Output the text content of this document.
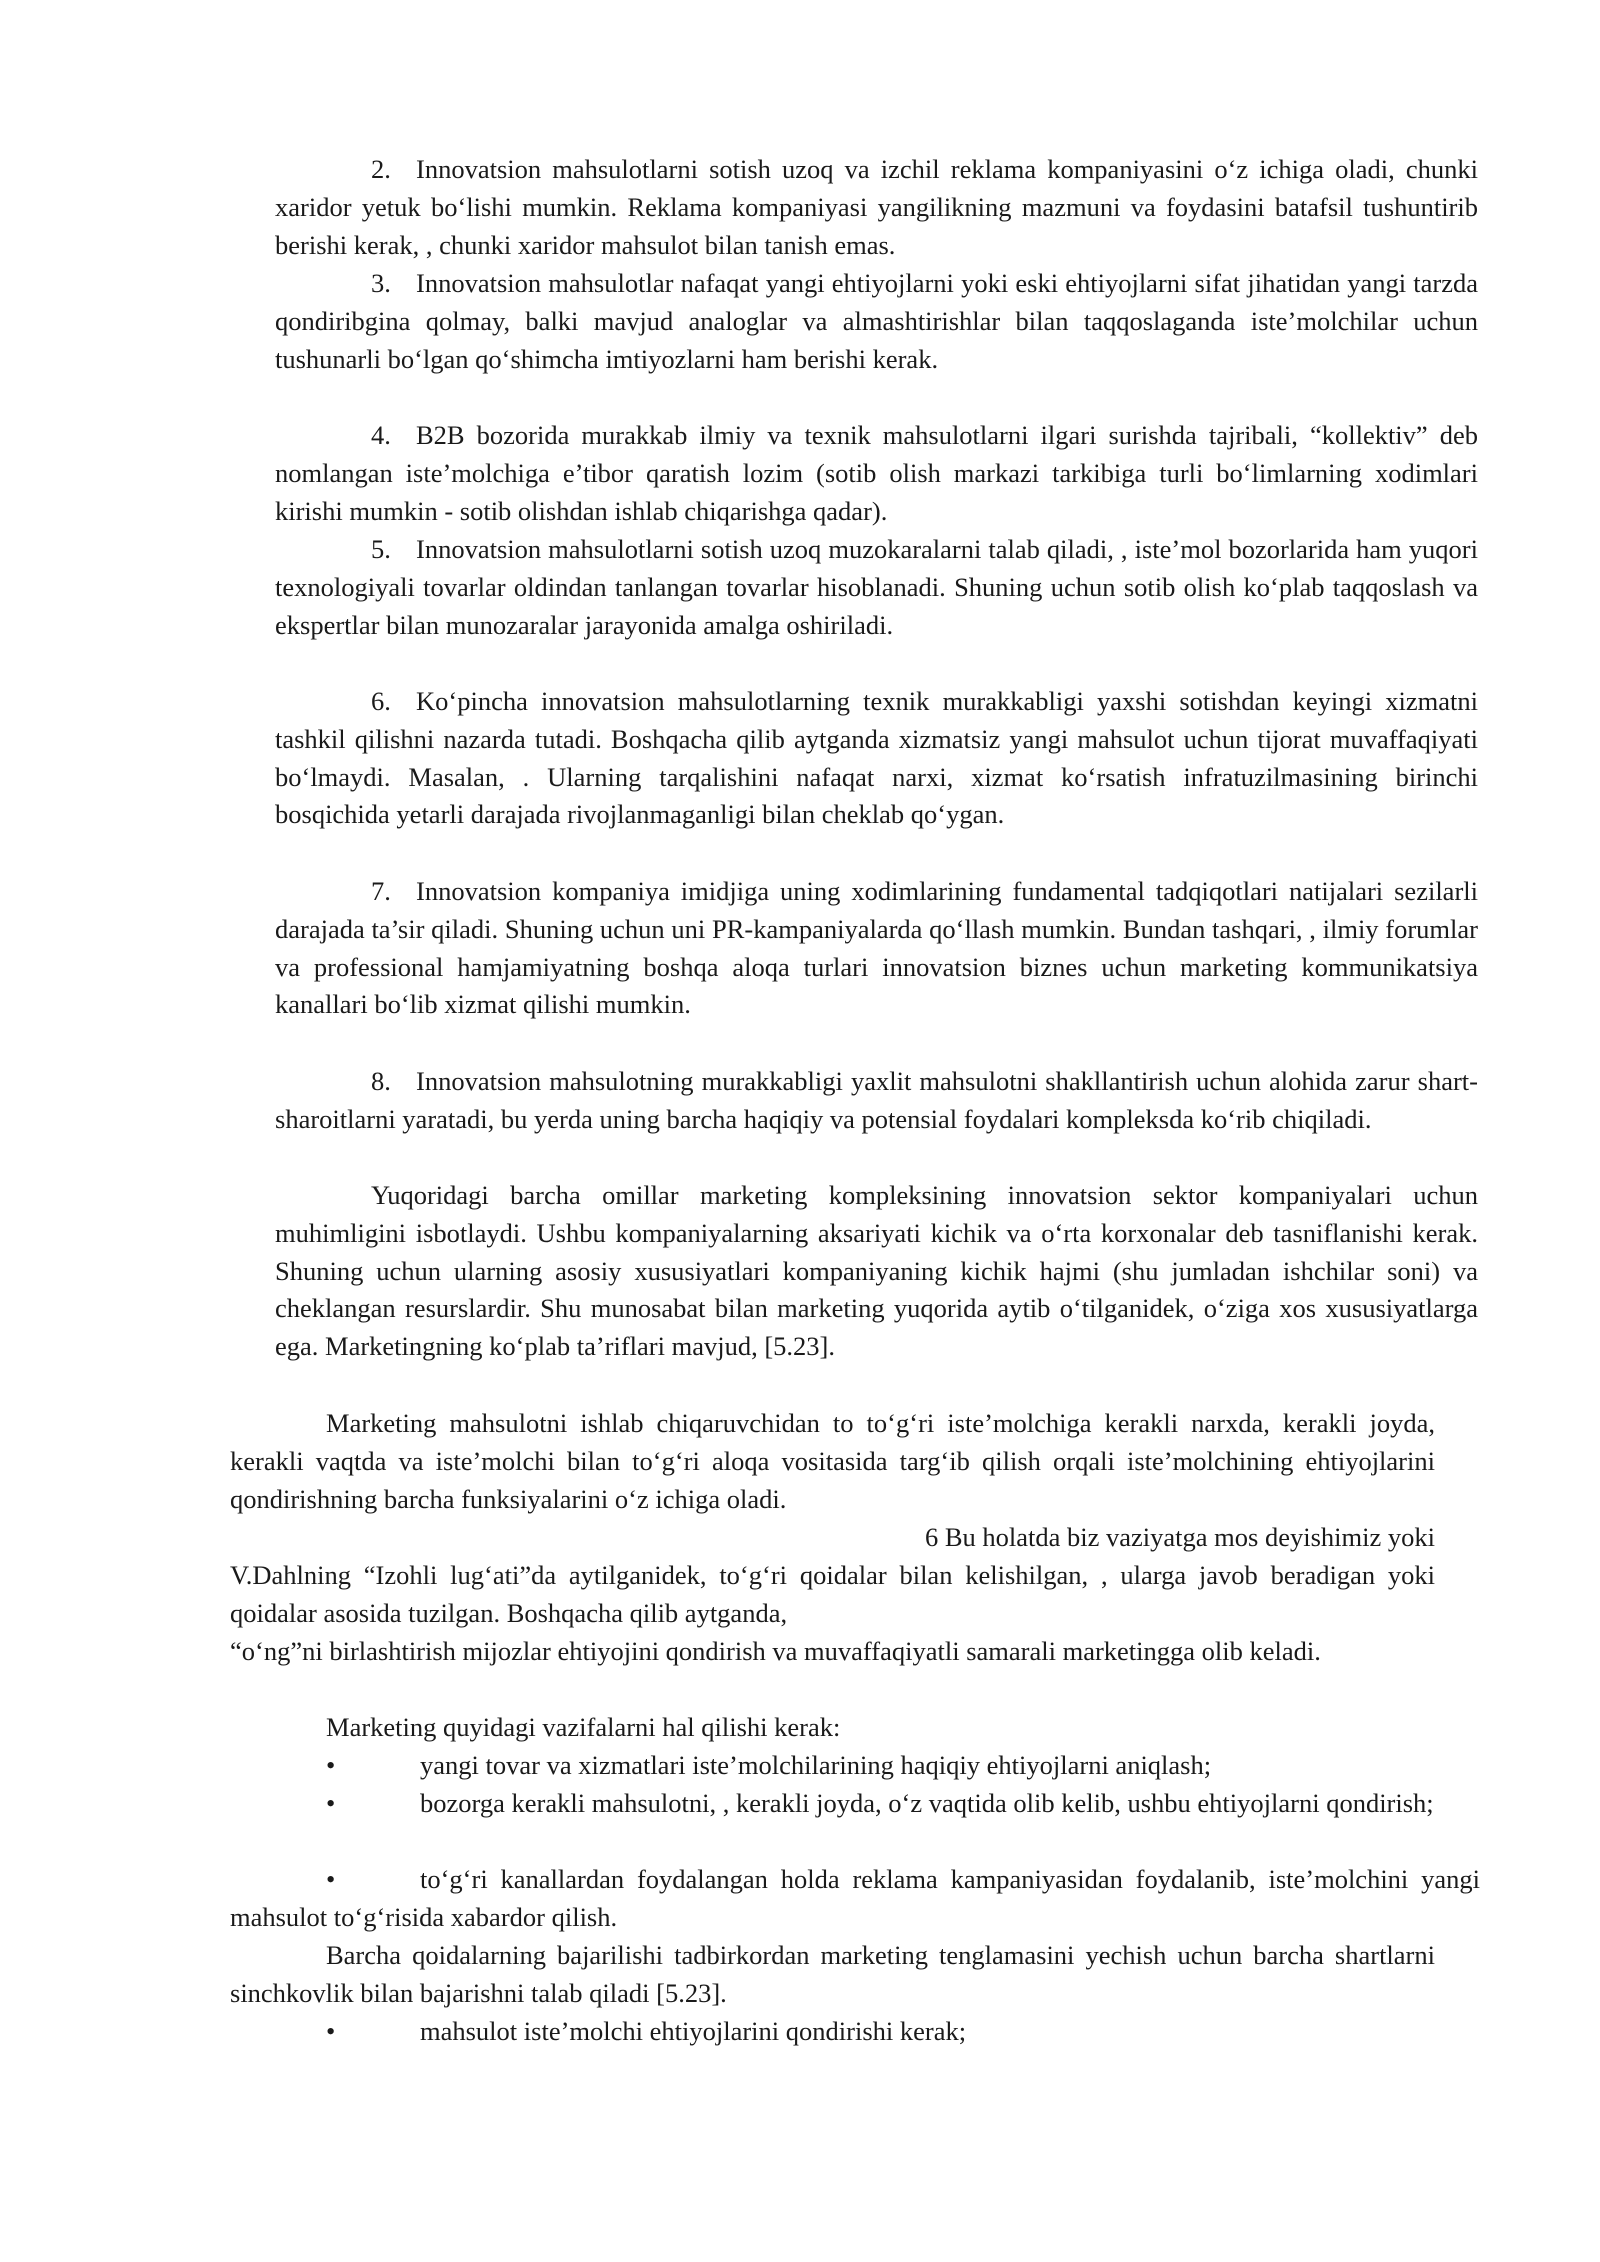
2. Innovatsion mahsulotlarni sotish uzoq va izchil reklama kompaniyasini o‘z ichiga oladi, chunki xaridor yetuk bo‘lishi mumkin. Reklama kompaniyasi yangilikning mazmuni va foydasini batafsil tushuntirib berishi kerak, , chunki xaridor mahsulot bilan tanish emas.

3. Innovatsion mahsulotlar nafaqat yangi ehtiyojlarni yoki eski ehtiyojlarni sifat jihatidan yangi tarzda qondiribgina qolmay, balki mavjud analoglar va almashtirishlar bilan taqqoslaganda iste’molchilar uchun tushunarli bo‘lgan qo‘shimcha imtiyozlarni ham berishi kerak.

4. B2B bozorida murakkab ilmiy va texnik mahsulotlarni ilgari surishda tajribali, “kollektiv” deb nomlangan iste’molchiga e’tibor qaratish lozim (sotib olish markazi tarkibiga turli bo‘limlarning xodimlari kirishi mumkin - sotib olishdan ishlab chiqarishga qadar).

5. Innovatsion mahsulotlarni sotish uzoq muzokaralarni talab qiladi, , iste’mol bozorlarida ham yuqori texnologiyali tovarlar oldindan tanlangan tovarlar hisoblanadi. Shuning uchun sotib olish ko‘plab taqqoslash va ekspertlar bilan munozaralar jarayonida amalga oshiriladi.

6. Ko‘pincha innovatsion mahsulotlarning texnik murakkabligi yaxshi sotishdan keyingi xizmatni tashkil qilishni nazarda tutadi. Boshqacha qilib aytganda xizmatsiz yangi mahsulot uchun tijorat muvaffaqiyati bo‘lmaydi. Masalan, . Ularning tarqalishini nafaqat narxi, xizmat ko‘rsatish infratuzilmasining birinchi bosqichida yetarli darajada rivojlanmaganligi bilan cheklab qo‘ygan.

7. Innovatsion kompaniya imidjiga uning xodimlarining fundamental tadqiqotlari natijalari sezilarli darajada ta’sir qiladi. Shuning uchun uni PR-kampaniyalarda qo‘llash mumkin. Bundan tashqari, , ilmiy forumlar va professional hamjamiyatning boshqa aloqa turlari innovatsion biznes uchun marketing kommunikatsiya kanallari bo‘lib xizmat qilishi mumkin.

8. Innovatsion mahsulotning murakkabligi yaxlit mahsulotni shakllantirish uchun alohida zarur shart-sharoitlarni yaratadi, bu yerda uning barcha haqiqiy va potensial foydalari kompleksda ko‘rib chiqiladi.

Yuqoridagi barcha omillar marketing kompleksining innovatsion sektor kompaniyalari uchun muhimligini isbotlaydi. Ushbu kompaniyalarning aksariyati kichik va o‘rta korxonalar deb tasniflanishi kerak. Shuning uchun ularning asosiy xususiyatlari kompaniyaning kichik hajmi (shu jumladan ishchilar soni) va cheklangan resurslardir. Shu munosabat bilan marketing yuqorida aytib o‘tilganidek, o‘ziga xos xususiyatlarga ega. Marketingning ko‘plab ta’riflari mavjud, [5.23].

Marketing mahsulotni ishlab chiqaruvchidan to to‘g‘ri iste’molchiga kerakli narxda, kerakli joyda, kerakli vaqtda va iste’molchi bilan to‘g‘ri aloqa vositasida targ‘ib qilish orqali iste’molchining ehtiyojlarini qondirishning barcha funksiyalarini o‘z ichiga oladi.

6 Bu holatda biz vaziyatga mos deyishimiz yoki

V.Dahlning “Izohli lug‘ati”da aytilganidek, to‘g‘ri qoidalar bilan kelishilgan, , ularga javob beradigan yoki qoidalar asosida tuzilgan. Boshqacha qilib aytganda,

“o‘ng”ni birlashtirish mijozlar ehtiyojini qondirish va muvaffaqiyatli samarali marketingga olib keladi.

Marketing quyidagi vazifalarni hal qilishi kerak:

•	yangi tovar va xizmatlari iste’molchilarining haqiqiy ehtiyojlarni aniqlash;

•	bozorga kerakli mahsulotni, , kerakli joyda, o‘z vaqtida olib kelib, ushbu ehtiyojlarni qondirish;

•	to‘g‘ri kanallardan foydalangan holda reklama kampaniyasidan foydalanib, iste’molchini yangi mahsulot to‘g‘risida xabardor qilish.

Barcha qoidalarning bajarilishi tadbirkordan marketing tenglamasini yechish uchun barcha shartlarni sinchkovlik bilan bajarishni talab qiladi [5.23].

•	mahsulot iste’molchi ehtiyojlarini qondirishi kerak;
